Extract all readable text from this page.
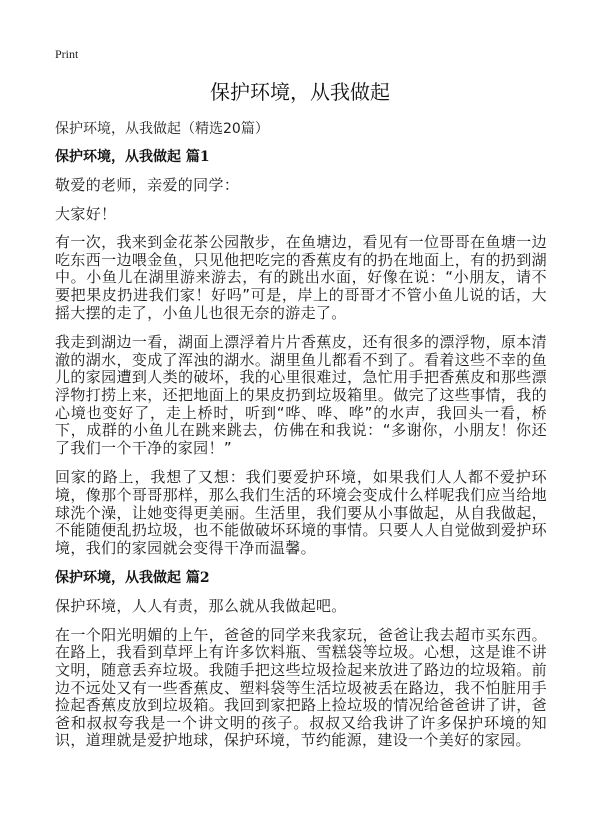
Print
保护环境，从我做起
保护环境，从我做起（精选20篇）
保护环境，从我做起 篇1

敬爱的老师，亲爱的同学：

大家好！

有一次，我来到金花茶公园散步，在鱼塘边，看见有一位哥哥在鱼塘一边吃东西一边喂金鱼，只见他把吃完的香蕉皮有的扔在地面上，有的扔到湖中。小鱼儿在湖里游来游去，有的跳出水面，好像在说：“小朋友，请不要把果皮扔进我们家！好吗”可是，岸上的哥哥才不管小鱼儿说的话，大摇大摆的走了，小鱼儿也很无奈的游走了。

我走到湖边一看，湖面上漂浮着片片香蕉皮，还有很多的漂浮物，原本清澈的湖水，变成了浑浊的湖水。湖里鱼儿都看不到了。看着这些不幸的鱼儿的家园遭到人类的破坏，我的心里很难过，急忙用手把香蕉皮和那些漂浮物打捞上来，还把地面上的果皮扔到垃圾箱里。做完了这些事情，我的心境也变好了，走上桥时，听到“哗、哗、哗”的水声，我回头一看，桥下，成群的小鱼儿在跳来跳去，仿佛在和我说：“多谢你，小朋友！你还了我们一个干净的家园！”

回家的路上，我想了又想：我们要爱护环境，如果我们人人都不爱护环境，像那个哥哥那样，那么我们生活的环境会变成什么样呢我们应当给地球洗个澡，让她变得更美丽。生活里，我们要从小事做起，从自我做起，不能随便乱扔垃圾，也不能做破坏环境的事情。只要人人自觉做到爱护环境，我们的家园就会变得干净而温馨。

保护环境，从我做起 篇2

保护环境，人人有责，那么就从我做起吧。

在一个阳光明媚的上午，爸爸的同学来我家玩，爸爸让我去超市买东西。在路上，我看到草坪上有许多饮料瓶、雪糕袋等垃圾。心想，这是谁不讲文明，随意丢弃垃圾。我随手把这些垃圾捡起来放进了路边的垃圾箱。前边不远处又有一些香蕉皮、塑料袋等生活垃圾被丢在路边，我不怕脏用手捡起香蕉皮放到垃圾箱。我回到家把路上捡垃圾的情况给爸爸讲了讲，爸爸和叔叔夸我是一个讲文明的孩子。叔叔又给我讲了许多保护环境的知识，道理就是爱护地球，保护环境，节约能源，建设一个美好的家园。
